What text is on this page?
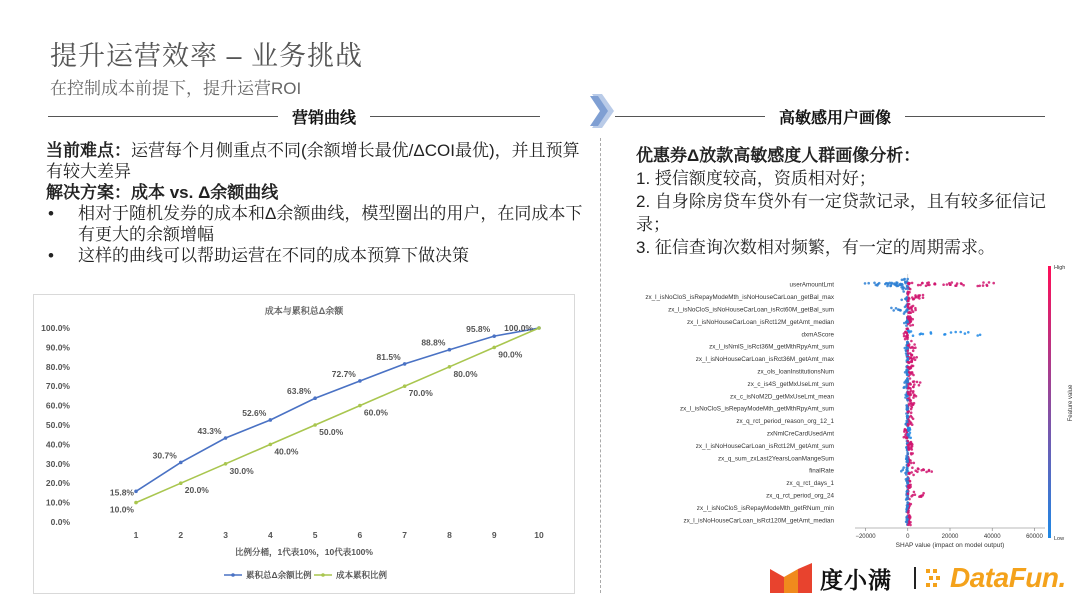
提升运营效率 – 业务挑战
在控制成本前提下，提升运营ROI
营销曲线	高敏感用户画像
当前难点：运营每个月侧重点不同(余额增长最优/ΔCOI最优)，并且预算有较大差异
解决方案：成本 vs. Δ余额曲线
• 相对于随机发券的成本和Δ余额曲线，模型圈出的用户，在同成本下有更大的余额增幅
• 这样的曲线可以帮助运营在不同的成本预算下做决策
优惠券Δ放款高敏感度人群画像分析：
1. 授信额度较高，资质相对好；
2. 自身除房贷车贷外有一定贷款记录，且有较多征信记录；
3. 征信查询次数相对频繁，有一定的周期需求。
成本与累积总Δ余额
0.0%
10.0%
20.0%
30.0%
40.0%
50.0%
60.0%
70.0%
80.0%
90.0%
100.0%
1	2	3	4	5	6	7	8	9	10
比例分桶，1代表10%，10代表100%
15.8%
30.7%
43.3%
52.6%
63.8%
72.7%
81.5%
88.8%
95.8% 100.0%
10.0%
20.0%
30.0%
40.0%
50.0%
60.0%
70.0%
80.0%
90.0%
累积总Δ余额比例	成本累积比例
userAmountLmt
zx_l_isNoCloS_isRepayModeMth_isNoHouseCarLoan_getBal_max
zx_l_isNoCloS_isNoHouseCarLoan_isRct60M_getBal_sum
zx_l_isNoHouseCarLoan_isRct12M_getAmt_median
dxmAScore
zx_l_isNmlS_isRct36M_getMthRpyAmt_sum
zx_l_isNoHouseCarLoan_isRct36M_getAmt_max
zx_ols_loanInstitutionsNum
zx_c_is4S_getMxUseLmt_sum
zx_c_isNoM2D_getMxUseLmt_mean
zx_l_isNoCloS_isRepayModeMth_getMthRpyAmt_sum
zx_q_rct_period_reason_org_12_1
zxNmlCreCardUsedAmt
zx_l_isNoHouseCarLoan_isRct12M_getAmt_sum
zx_q_sum_zxLast2YearsLoanMangeSum
finalRate
zx_q_rct_days_1
zx_q_rct_period_org_24
zx_l_isNoCloS_isRepayModeMth_getRNum_min
zx_l_isNoHouseCarLoan_isRct120M_getAmt_median
−20000	0	20000	40000	60000
SHAP value (impact on model output)
High
Low
Feature value
度小满 DataFun.
